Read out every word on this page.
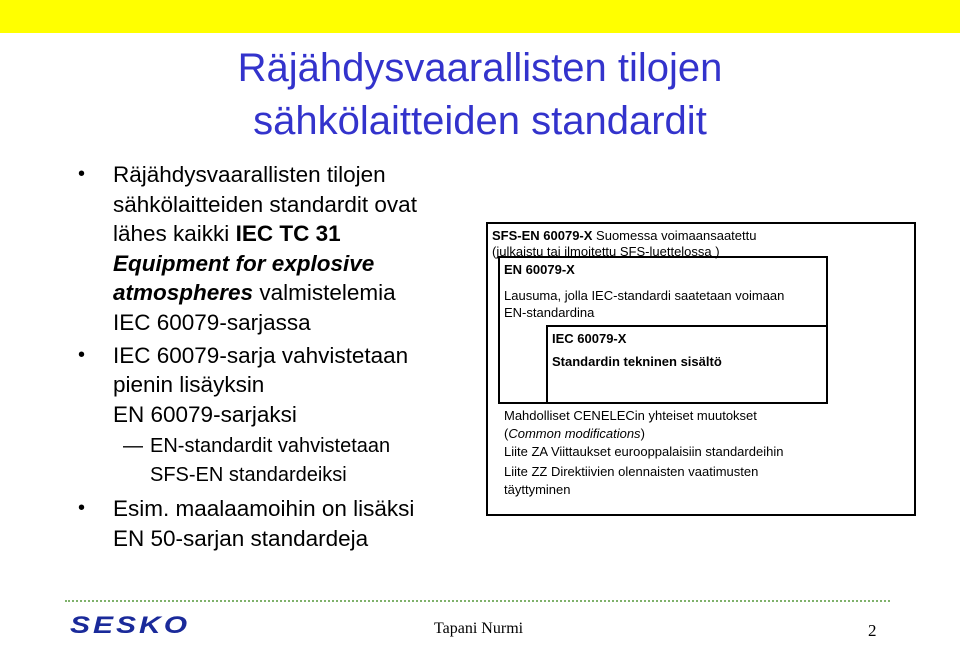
Räjähdysvaarallisten tilojen
sähkölaitteiden standardit
• Räjähdysvaarallisten tilojen
sähkölaitteiden standardit ovat
lähes kaikki IEC TC 31
Equipment for explosive
atmospheres valmistelemia
IEC 60079-sarjassa
• IEC 60079-sarja vahvistetaan
pienin lisäyksin
EN 60079-sarjaksi
— EN-standardit vahvistetaan
SFS-EN standardeiksi
• Esim. maalaamoihin on lisäksi
EN 50-sarjan standardeja
SFS-EN 60079-X Suomessa voimaansaatettu
(julkaistu tai ilmoitettu SFS-luettelossa )
EN 60079-X
Lausuma, jolla IEC-standardi saatetaan voimaan
EN-standardina
IEC 60079-X
Standardin tekninen sisältö
Mahdolliset CENELECin yhteiset muutokset
(Common modifications)
Liite ZA Viittaukset eurooppalaisiin standardeihin
Liite ZZ Direktiivien olennaisten vaatimusten
täyttyminen
SESKO	Tapani Nurmi	2
